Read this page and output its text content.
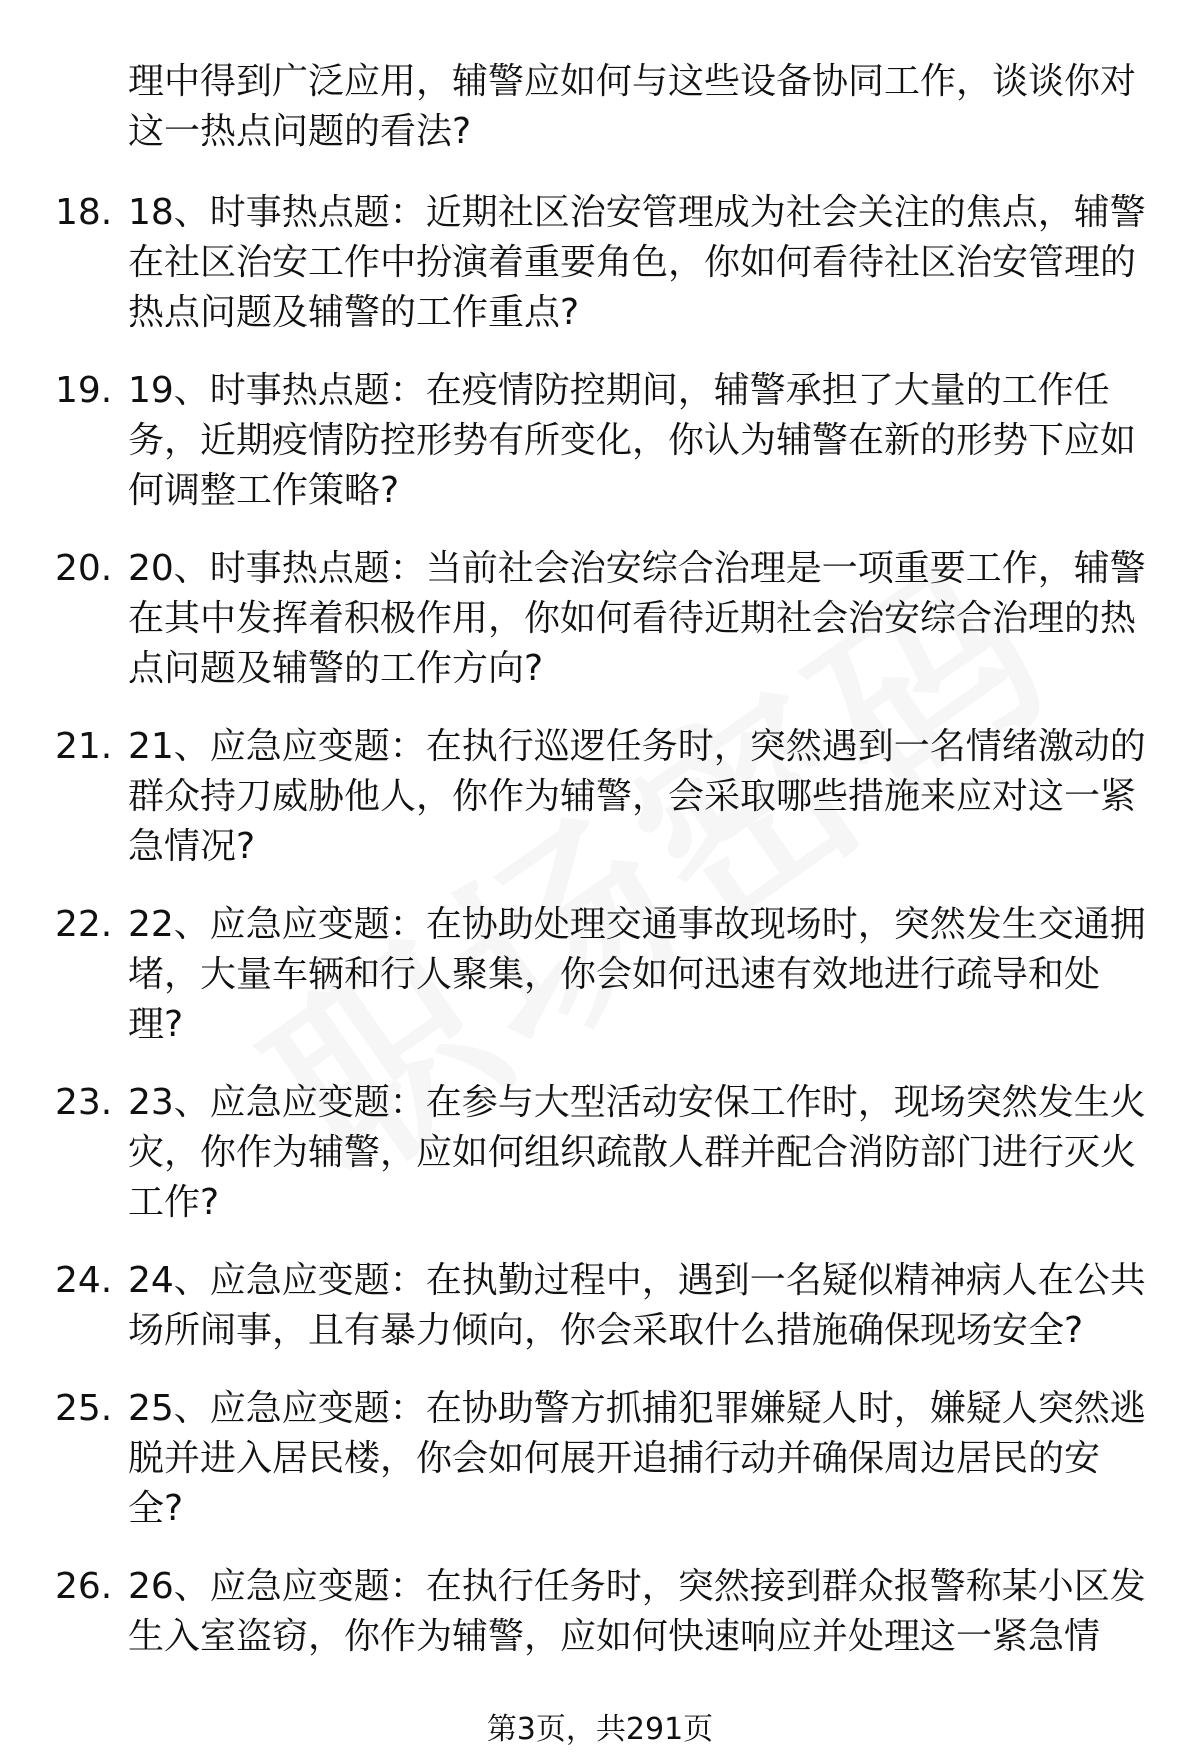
理中得到广泛应用，辅警应如何与这些设备协同工作，谈谈你对这一热点问题的看法?
18. 18、时事热点题：近期社区治安管理成为社会关注的焦点，辅警在社区治安工作中扮演着重要角色，你如何看待社区治安管理的热点问题及辅警的工作重点?
19. 19、时事热点题：在疫情防控期间，辅警承担了大量的工作任务，近期疫情防控形势有所变化，你认为辅警在新的形势下应如何调整工作策略?
20. 20、时事热点题：当前社会治安综合治理是一项重要工作，辅警在其中发挥着积极作用，你如何看待近期社会治安综合治理的热点问题及辅警的工作方向?
21. 21、应急应变题：在执行巡逻任务时，突然遇到一名情绪激动的群众持刀威胁他人，你作为辅警，会采取哪些措施来应对这一紧急情况?
22. 22、应急应变题：在协助处理交通事故现场时，突然发生交通拥堵，大量车辆和行人聚集，你会如何迅速有效地进行疏导和处理?
23. 23、应急应变题：在参与大型活动安保工作时，现场突然发生火灾，你作为辅警，应如何组织疏散人群并配合消防部门进行灭火工作?
24. 24、应急应变题：在执勤过程中，遇到一名疑似精神病人在公共场所闹事，且有暴力倾向，你会采取什么措施确保现场安全?
25. 25、应急应变题：在协助警方抓捕犯罪嫌疑人时，嫌疑人突然逃脱并进入居民楼，你会如何展开追捕行动并确保周边居民的安全?
26. 26、应急应变题：在执行任务时，突然接到群众报警称某小区发生入室盗窃，你作为辅警，应如何快速响应并处理这一紧急情
第3页，共291页
